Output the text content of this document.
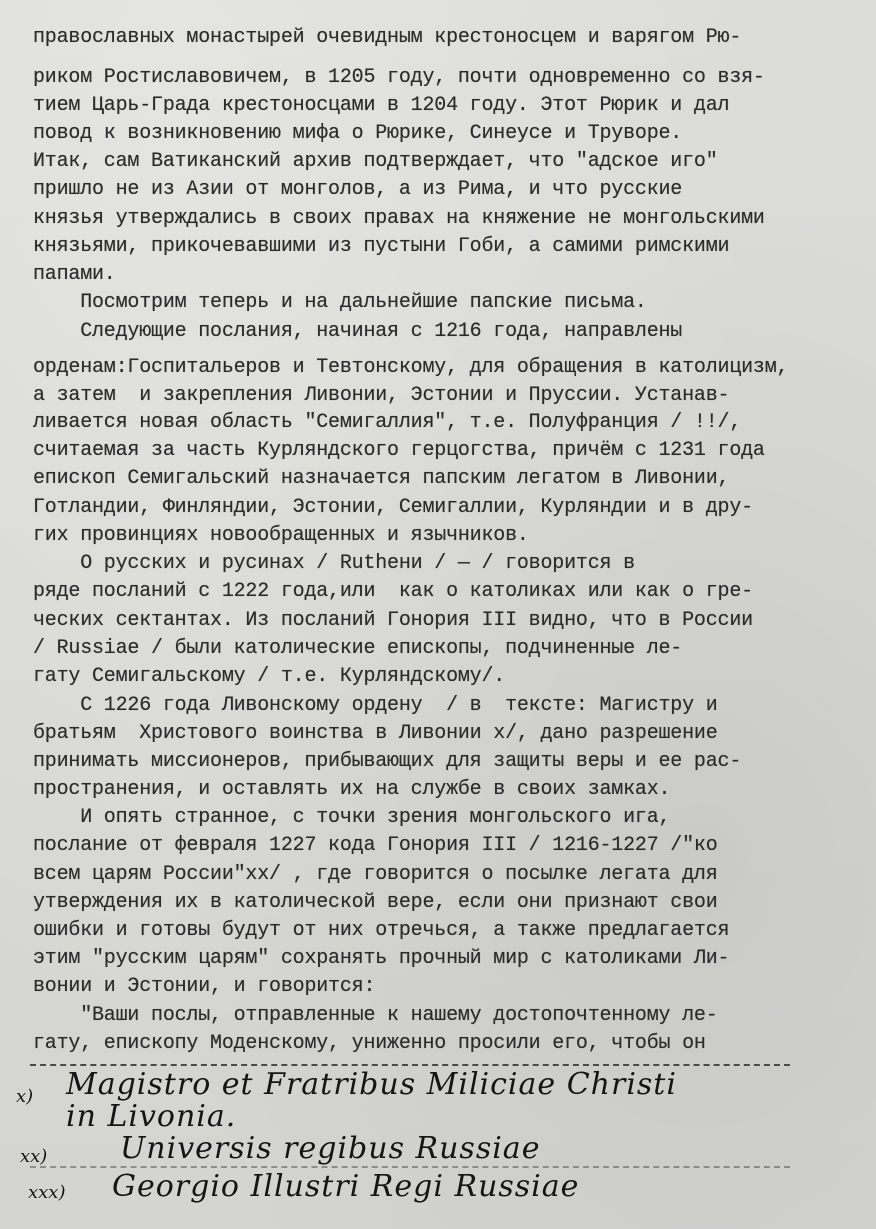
православных монастырей очевидным крестоносцем и варягом Рю-
риком Ростиславовичем, в 1205 году, почти одновременно со взя-
тием Царь-Града крестоносцами в 1204 году. Этот Рюрик и дал
повод к возникновению мифа о Рюрике, Синеусе и Труворе.
Итак, сам Ватиканский архив подтверждает, что "адское иго"
пришло не из Азии от монголов, а из Рима, и что русские
князья утверждались в своих правах на княжение не монгольскими
князьями, прикочевавшими из пустыни Гоби, а самими римскими
папами.
Посмотрим теперь и на дальнейшие папские письма.
Следующие послания, начиная с 1216 года, направлены
орденам:Госпитальеров и Тевтонскому, для обращения в католицизм,
а затем  и закрепления Ливонии, Эстонии и Пруссии. Устанав-
ливается новая область "Семигаллия", т.е. Полуфранция / !!/,
считаемая за часть Курляндского герцогства, причём с 1231 года
епископ Семигальский назначается папским легатом в Ливонии,
Готландии, Финляндии, Эстонии, Семигаллии, Курляндии и в дру-
гих провинциях новообращенных и язычников.
О русских и русинах / Ruthени / — / говорится в
ряде посланий с 1222 года,или  как о католиках или как о гре-
ческих сектантах. Из посланий Гонория III видно, что в России
/ Russiae / были католические епископы, подчиненные ле-
гату Семигальскому / т.е. Курляндскому/.
С 1226 года Ливонскому ордену  / в  тексте: Магистру и
братьям  Христового воинства в Ливонии x/, дано разрешение
принимать миссионеров, прибывающих для защиты веры и ее рас-
пространения, и оставлять их на службе в своих замках.
И опять странное, с точки зрения монгольского ига,
послание от февраля 1227 кода Гонория III / 1216-1227 /"ко
всем царям России"xx/ , где говорится о посылке легата для
утверждения их в католической вере, если они признают свои
ошибки и готовы будут от них отречься, а также предлагается
этим "русским царям" сохранять прочный мир с католиками Ли-
вонии и Эстонии, и говорится:
"Ваши послы, отправленные к нашему достопочтенному ле-
гату, епископу Моденскому, униженно просили его, чтобы он
x) Magistro et Fratribus Miliciae Christi
in Livonia.
xx) Universis regibus Russiae
xxx) Georgio Illustri Regi Russiae
